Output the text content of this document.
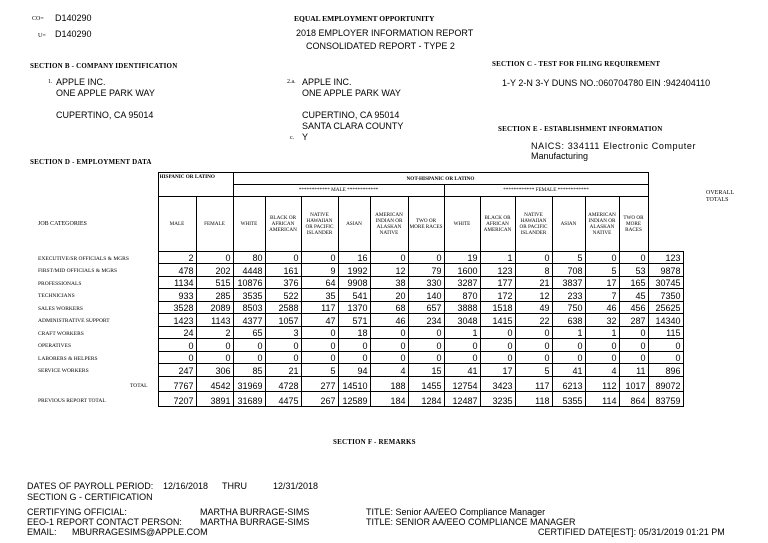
CO= D140290
U= D140290
EQUAL EMPLOYMENT OPPORTUNITY
2018 EMPLOYER INFORMATION REPORT
CONSOLIDATED REPORT - TYPE 2
SECTION B - COMPANY IDENTIFICATION
1. APPLE INC.
ONE APPLE PARK WAY
CUPERTINO, CA 95014
2.a. APPLE INC.
ONE APPLE PARK WAY
CUPERTINO, CA 95014
SANTA CLARA COUNTY
c. Y
SECTION C - TEST FOR FILING REQUIREMENT
1-Y 2-N 3-Y DUNS NO.:060704780 EIN :942404110
SECTION E - ESTABLISHMENT INFORMATION
NAICS: 334111 Electronic Computer
Manufacturing
SECTION D - EMPLOYMENT DATA
	HISPANIC OR LATINO		NOT-HISPANIC OR LATINO												
			************ MALE ************						************ FEMALE ************						
JOB CATEGORIES	MALE	FEMALE	WHITE	BLACK OR AFRICAN AMERICAN	NATIVE HAWAIIAN OR PACIFIC ISLANDER	ASIAN	AMERICAN INDIAN OR ALASKAN NATIVE	TWO OR MORE RACES	WHITE	BLACK OR AFRICAN AMERICAN	NATIVE HAWAIIAN OR PACIFIC ISLANDER	ASIAN	AMERICAN INDIAN OR ALASKAN NATIVE	TWO OR MORE RACES	
EXECUTIVE/SR OFFICIALS & MGRS	2	0	80	0	0	16	0	0	19	1	0	5	0	0	123
FIRST/MID OFFICIALS & MGRS	478	202	4448	161	9	1992	12	79	1600	123	8	708	5	53	9878
PROFESSIONALS	1134	515	10876	376	64	9908	38	330	3287	177	21	3837	17	165	30745
TECHNICIANS	933	285	3535	522	35	541	20	140	870	172	12	233	7	45	7350
SALES WORKERS	3528	2089	8503	2588	117	1370	68	657	3888	1518	49	750	46	456	25625
ADMINISTRATIVE SUPPORT	1423	1143	4377	1057	47	571	46	234	3048	1415	22	638	32	287	14340
CRAFT WORKERS	24	2	65	3	0	18	0	0	1	0	0	1	1	0	115
OPERATIVES	0	0	0	0	0	0	0	0	0	0	0	0	0	0	0
LABORERS & HELPERS	0	0	0	0	0	0	0	0	0	0	0	0	0	0	0
SERVICE WORKERS	247	306	85	21	5	94	4	15	41	17	5	41	4	11	896
TOTAL	7767	4542	31969	4728	277	14510	188	1455	12754	3423	117	6213	112	1017	89072
PREVIOUS REPORT TOTAL	7207	3891	31689	4475	267	12589	184	1284	12487	3235	118	5355	114	864	83759
OVERALL TOTALS
SECTION F - REMARKS
DATES OF PAYROLL PERIOD: 12/16/2018 THRU	12/31/2018
SECTION G - CERTIFICATION
CERTIFYING OFFICIAL:	MARTHA BURRAGE-SIMS	TITLE: Senior AA/EEO Compliance Manager
EEO-1 REPORT CONTACT PERSON: MARTHA BURRAGE-SIMS	TITLE: SENIOR AA/EEO COMPLIANCE MANAGER
EMAIL: MBURRAGESIMS@APPLE.COM	CERTIFIED DATE[EST]: 05/31/2019 01:21 PM
